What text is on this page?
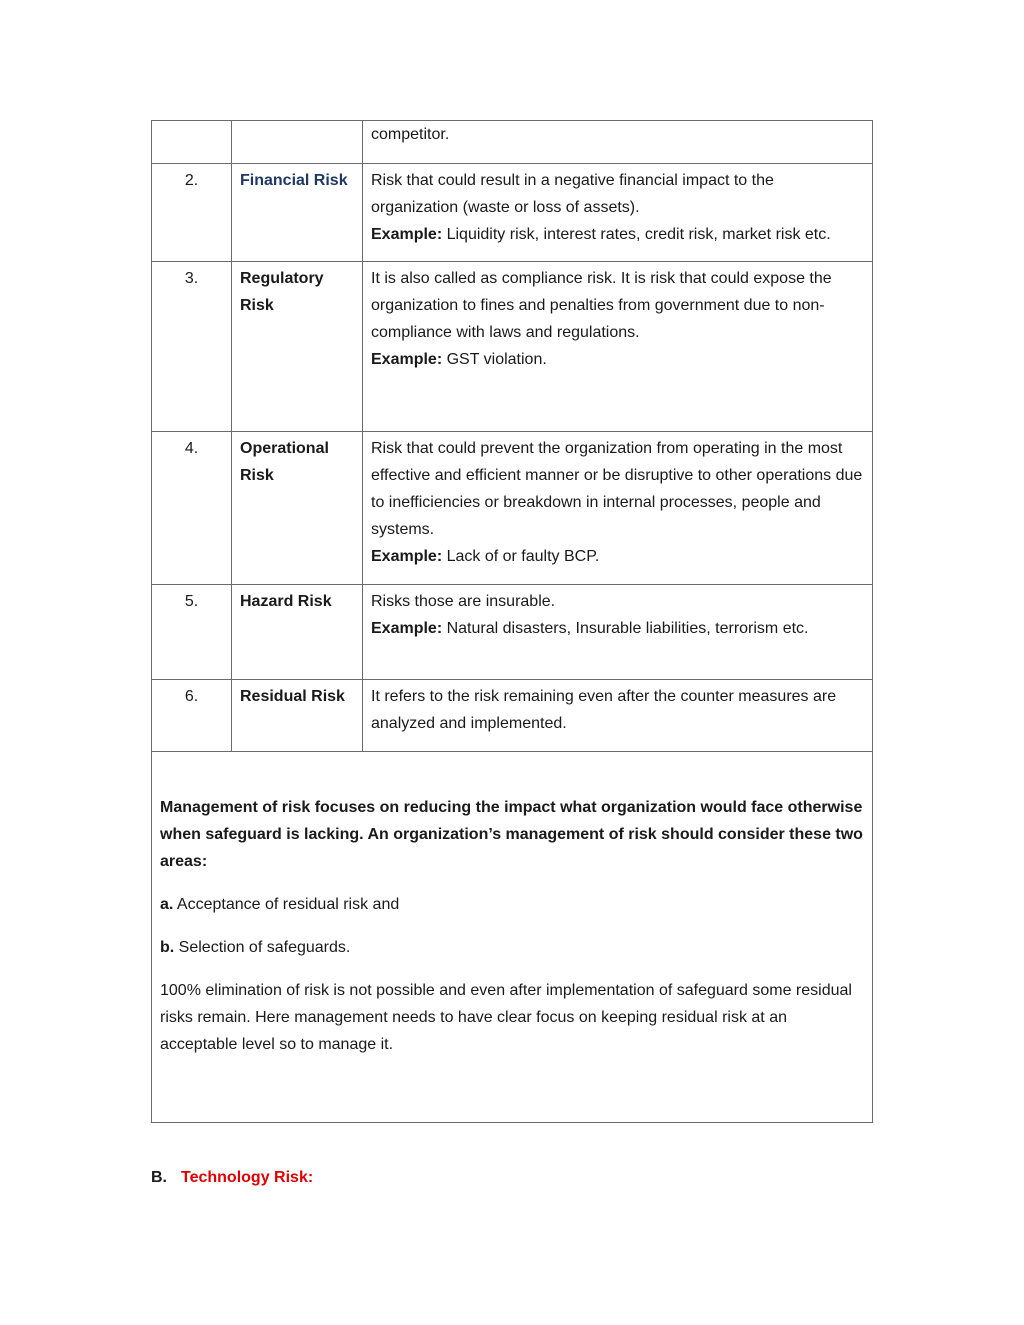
		competitor.
2.	Financial Risk	Risk that could result in a negative financial impact to the organization (waste or loss of assets).
Example: Liquidity risk, interest rates, credit risk, market risk etc.

3.	Regulatory Risk	It is also called as compliance risk. It is risk that could expose the organization to fines and penalties from government due to non-compliance with laws and regulations.
Example: GST violation.

4.	Operational Risk	Risk that could prevent the organization from operating in the most effective and efficient manner or be disruptive to other operations due to inefficiencies or breakdown in internal processes, people and systems.
Example: Lack of or faulty BCP.

5.	Hazard Risk	Risks those are insurable.
Example: Natural disasters, Insurable liabilities, terrorism etc.

6.	Residual Risk	It refers to the risk remaining even after the counter measures are analyzed and implemented.

Management of risk focuses on reducing the impact what organization would face otherwise when safeguard is lacking. An organization’s management of risk should consider these two areas:
a. Acceptance of residual risk and
b. Selection of safeguards.
100% elimination of risk is not possible and even after implementation of safeguard some residual risks remain. Here management needs to have clear focus on keeping residual risk at an acceptable level so to manage it.		
B. Technology Risk:
